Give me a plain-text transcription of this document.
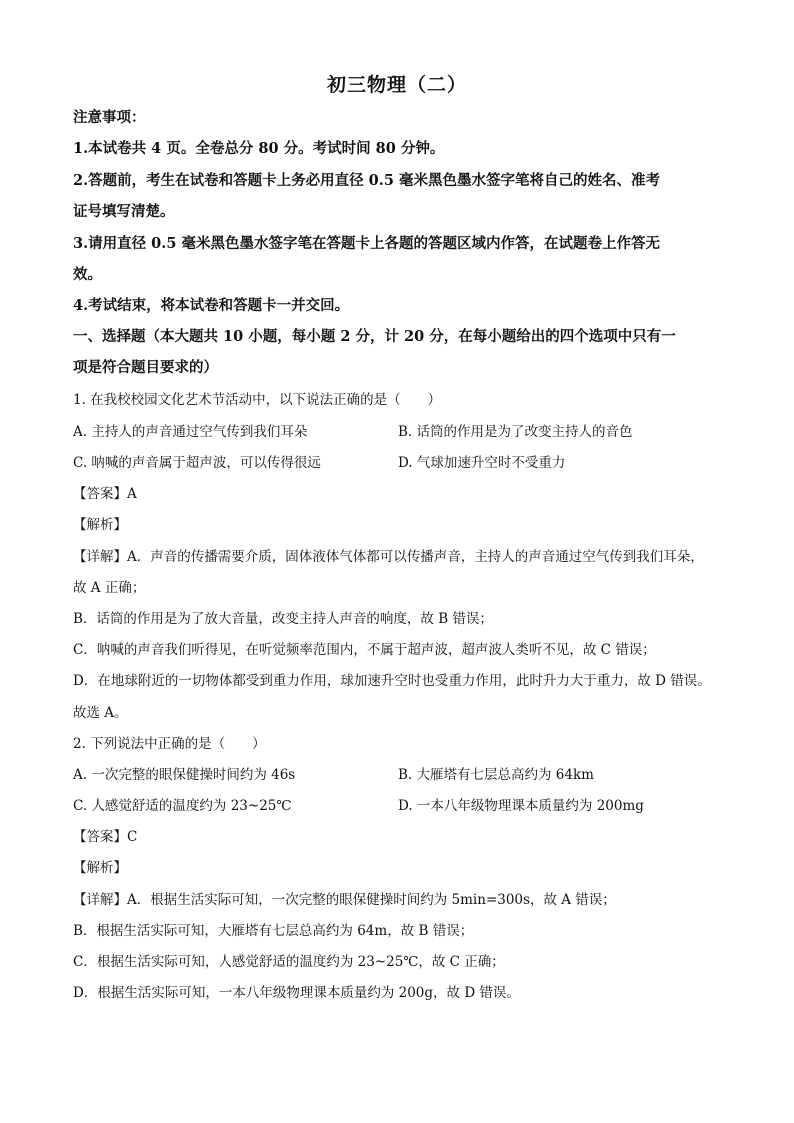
初三物理（二）
注意事项：
1.本试卷共 4 页。全卷总分 80 分。考试时间 80 分钟。
2.答题前，考生在试卷和答题卡上务必用直径 0.5 毫米黑色墨水签字笔将自己的姓名、准考
证号填写清楚。
3.请用直径 0.5 毫米黑色墨水签字笔在答题卡上各题的答题区域内作答，在试题卷上作答无
效。
4.考试结束，将本试卷和答题卡一并交回。
一、选择题（本大题共 10 小题，每小题 2 分，计 20 分，在每小题给出的四个选项中只有一
项是符合题目要求的）
1. 在我校校园文化艺术节活动中，以下说法正确的是（　　）
A. 主持人的声音通过空气传到我们耳朵	B. 话筒的作用是为了改变主持人的音色
C. 呐喊的声音属于超声波，可以传得很远	D. 气球加速升空时不受重力
【答案】A
【解析】
【详解】A．声音的传播需要介质，固体液体气体都可以传播声音，主持人的声音通过空气传到我们耳朵，
故 A 正确；
B．话筒的作用是为了放大音量，改变主持人声音的响度，故 B 错误；
C．呐喊的声音我们听得见，在听觉频率范围内，不属于超声波，超声波人类听不见，故 C 错误；
D．在地球附近的一切物体都受到重力作用，球加速升空时也受重力作用，此时升力大于重力，故 D 错误。
故选 A。
2. 下列说法中正确的是（　　）
A. 一次完整的眼保健操时间约为 46s	B. 大雁塔有七层总高约为 64km
C. 人感觉舒适的温度约为 23~25℃	D. 一本八年级物理课本质量约为 200mg
【答案】C
【解析】
【详解】A．根据生活实际可知，一次完整的眼保健操时间约为 5min=300s，故 A 错误；
B．根据生活实际可知，大雁塔有七层总高约为 64m，故 B 错误；
C．根据生活实际可知，人感觉舒适的温度约为 23~25℃，故 C 正确；
D．根据生活实际可知，一本八年级物理课本质量约为 200g，故 D 错误。
